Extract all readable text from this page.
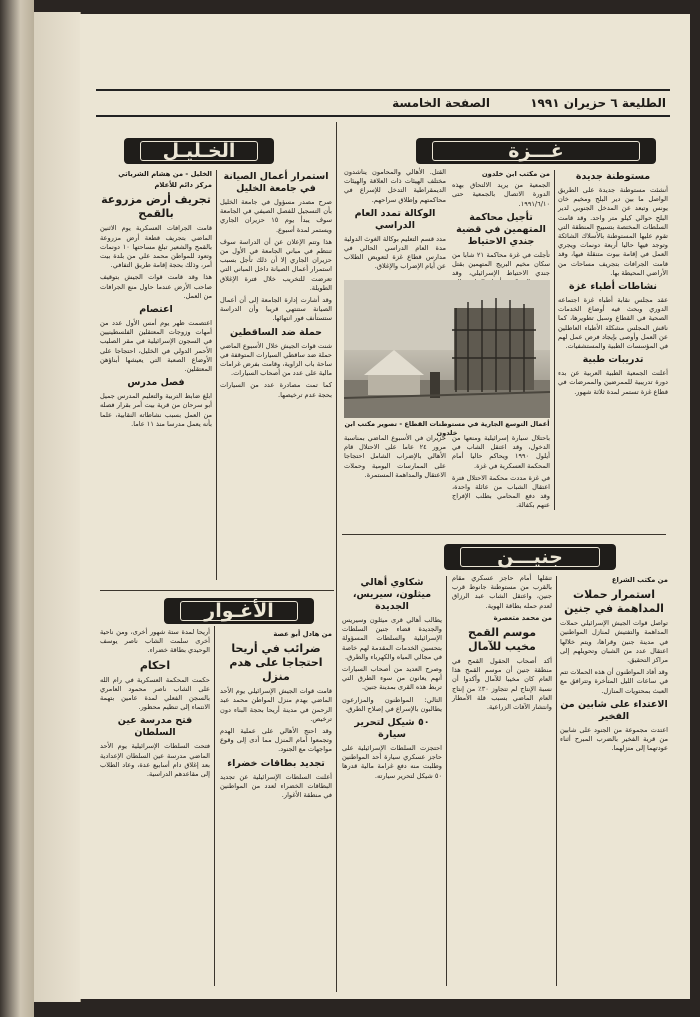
الطليعة ٦ حزيران ١٩٩١
الصفحة الخامسة
غـــزة
الخـليـل
جنيـــن
الأغـوار
مستوطنة جديدة

أنشئت مستوطنة جديدة على الطريق الواصل ما بين دير البلح ومخيم خان يونس وتبعد عن المدخل الجنوبي لدير البلح حوالي كيلو متر واحد. وقد قامت السلطات المختصة بتسييج المنطقة التي تقوم عليها المستوطنة بالأسلاك الشائكة وتوجد فيها حاليا أربعة دونمات ويجري العمل في إقامة بيوت متنقلة فيها، وقد قامت الجرافات بتجريف مساحات من الأراضي المحيطة بها.

نشاطات أطباء غزة

عقد مجلس نقابة أطباء غزة اجتماعه الدوري وبحث فيه أوضاع الخدمات الصحية في القطاع وسبل تطويرها، كما ناقش المجلس مشكلة الأطباء العاطلين عن العمل وأوصى بإيجاد فرص عمل لهم في المؤسسات الطبية والمستشفيات.

تدريبات طبية

أعلنت الجمعية الطبية العربية عن بدء دورة تدريبية للممرضين والممرضات في قطاع غزة تستمر لمدة ثلاثة شهور.

من مكتب ابن خلدون

الجمعية من يريد الالتحاق بهذه الدورة الاتصال بالجمعية حتى ١٩٩١/٦/١٠.

تأجيل محاكمة المتهمين في قضية جندي الاحتياط

تأجلت في غزة محاكمة ٢١ شابا من سكان مخيم البريج المتهمين بقتل جندي الاحتياط الإسرائيلي، وقد

القتل. الأهالي والمحامون يناشدون مختلف الهيئات ذات العلاقة والهيئات الديمقراطية التدخل للإسراع في محاكمتهم وإطلاق سراحهم.

الوكالة تمدد العام الدراسي

مدد قسم التعليم بوكالة الغوث الدولية مدة العام الدراسي الحالي في مدارس قطاع غزة لتعويض الطلاب عن أيام الإضراب والإغلاق.

أعمال التوسع الجارية في مستوطنات القطاع - تصوير مكتب ابن خلدون

باحتلال سيارة إسرائيلية ومنعها من الدخول، وقد اعتقل الشاب في أيلول ١٩٩٠ ويحاكم حاليا أمام المحكمة العسكرية في غزة.

في غزة مددت محكمة الاحتلال فترة اعتقال الشباب من عائلة واحدة، وقد دفع المحامي بطلب الإفراج عنهم بكفالة.

حزيران في الأسبوع الماضي بمناسبة مرور ٢٤ عاما على الاحتلال قام الأهالي بالإضراب الشامل احتجاجا على الممارسات اليومية وحملات الاعتقال والمداهمة المستمرة.

استمرار أعمال الصيانة في جامعة الخليل

صرح مصدر مسؤول في جامعة الخليل بأن التسجيل للفصل الصيفي في الجامعة سوف يبدأ يوم ١٥ حزيران الجاري ويستمر لمدة أسبوع.

هذا وتتم الإعلان عن أن الدراسة سوف تنتظم في مباني الجامعة في الأول من حزيران الجاري إلا أن ذلك تأجل بسبب استمرار أعمال الصيانة داخل المباني التي تعرضت للتخريب خلال فترة الإغلاق الطويلة.

وقد أشارت إدارة الجامعة إلى أن أعمال الصيانة ستنتهي قريبا وأن الدراسة ستستأنف فور انتهائها.

حملة ضد الساقطين

شنت قوات الجيش خلال الأسبوع الماضي حملة ضد ساقطي السيارات المتوقفة في ساحة باب الزاوية، وقامت بفرض غرامات مالية على عدد من أصحاب السيارات.

كما تمت مصادرة عدد من السيارات بحجة عدم ترخيصها.

الخليل - من هشام الشرباتي
مركز دائم للأعلام
تجريف أرض مزروعة بالقمح

قامت الجرافات العسكرية يوم الاثنين الماضي بتجريف قطعة أرض مزروعة بالقمح والشعير تبلغ مساحتها ١٠ دونمات وتعود للمواطن محمد علي من بلدة بيت أمر، وذلك بحجة إقامة طريق التفافي.

هذا وقد قامت قوات الجيش بتوقيف صاحب الأرض عندما حاول منع الجرافات من العمل.

اعتصام

اعتصمت ظهر يوم أمس الأول عدد من أمهات وزوجات المعتقلين الفلسطينيين في السجون الإسرائيلية في مقر الصليب الأحمر الدولي في الخليل، احتجاجا على الأوضاع الصعبة التي يعيشها أبناؤهن المعتقلين.

فصل مدرس

ابلغ ضابط التربية والتعليم المدرس جميل أبو سرحان من قرية بيت أمر بقرار فصله من العمل بسبب نشاطاته النقابية، علما بأنه يعمل مدرسا منذ ١١ عاما.

من مكتب الشراع
استمرار حملات المداهمة في جنين

تواصل قوات الجيش الإسرائيلي حملات المداهمة والتفتيش لمنازل المواطنين في مدينة جنين وقراها، ويتم خلالها اعتقال عدد من الشبان وتحويلهم إلى مراكز التحقيق.

وقد أفاد المواطنون أن هذه الحملات تتم في ساعات الليل المتأخرة وتترافق مع العبث بمحتويات المنازل.

الاعتداء على شابين من الفخير

اعتدت مجموعة من الجنود على شابين من قرية الفخير بالضرب المبرح أثناء عودتهما إلى منزلهما.

تنقلها أمام حاجز عسكري مقام بالقرب من مستوطنة جانوط قرب جنين، واعتقل الشاب عبد الرزاق لعدم حمله بطاقة الهوية.

من محمد متعصرة
موسم القمح مخيب للآمال

أكد أصحاب الحقول القمح في منطقة جنين أن موسم القمح هذا العام كان مخيبا للآمال وأكدوا أن نسبة الإنتاج لم تتجاوز ٣٠٪ من إنتاج العام الماضي بسبب قلة الأمطار وانتشار الآفات الزراعية.

شكاوي أهالي ميثلون، سيريس، الجديدة

يطالب أهالي قرى ميثلون وسيريس والجديدة قضاء جنين السلطات الإسرائيلية والسلطات المسؤولة بتحسين الخدمات المقدمة لهم خاصة في مجالي المياه والكهرباء والطرق.

وصرح العديد من أصحاب السيارات أنهم يعانون من سوء الطرق التي تربط هذه القرى بمدينة جنين.

التالي: المواطنون والمزارعون يطالبون بالإسراع في إصلاح الطرق.

٥٠ شيكل لتحرير سيارة

احتجزت السلطات الإسرائيلية على حاجز عسكري سيارة أحد المواطنين وطلبت منه دفع غرامة مالية قدرها ٥٠ شيكل لتحرير سيارته.

من هادل أبو عصة
ضرائب في أريحا احتجاجا على هدم منزل

قامت قوات الجيش الإسرائيلي يوم الأحد الماضي بهدم منزل المواطن محمد عبد الرحمن في مدينة أريحا بحجة البناء دون ترخيص.

وقد احتج الأهالي على عملية الهدم وتجمعوا أمام المنزل مما أدى إلى وقوع مواجهات مع الجنود.

تجديد بطاقات خضراء

أعلنت السلطات الإسرائيلية عن تجديد البطاقات الخضراء لعدد من المواطنين في منطقة الأغوار.

أريحا لمدة ستة شهور أخرى، ومن ناحية أخرى سلمت الشاب ناصر يوسف الوحيدي بطاقة خضراء.

احكام

حكمت المحكمة العسكرية في رام الله على الشاب ناصر محمود العامري بالسجن الفعلي لمدة عامين بتهمة الانتماء إلى تنظيم محظور.

فتح مدرسة عين السلطان

فتحت السلطات الإسرائيلية يوم الأحد الماضي مدرسة عين السلطان الإعدادية بعد إغلاق دام أسابيع عدة، وعاد الطلاب إلى مقاعدهم الدراسية.
